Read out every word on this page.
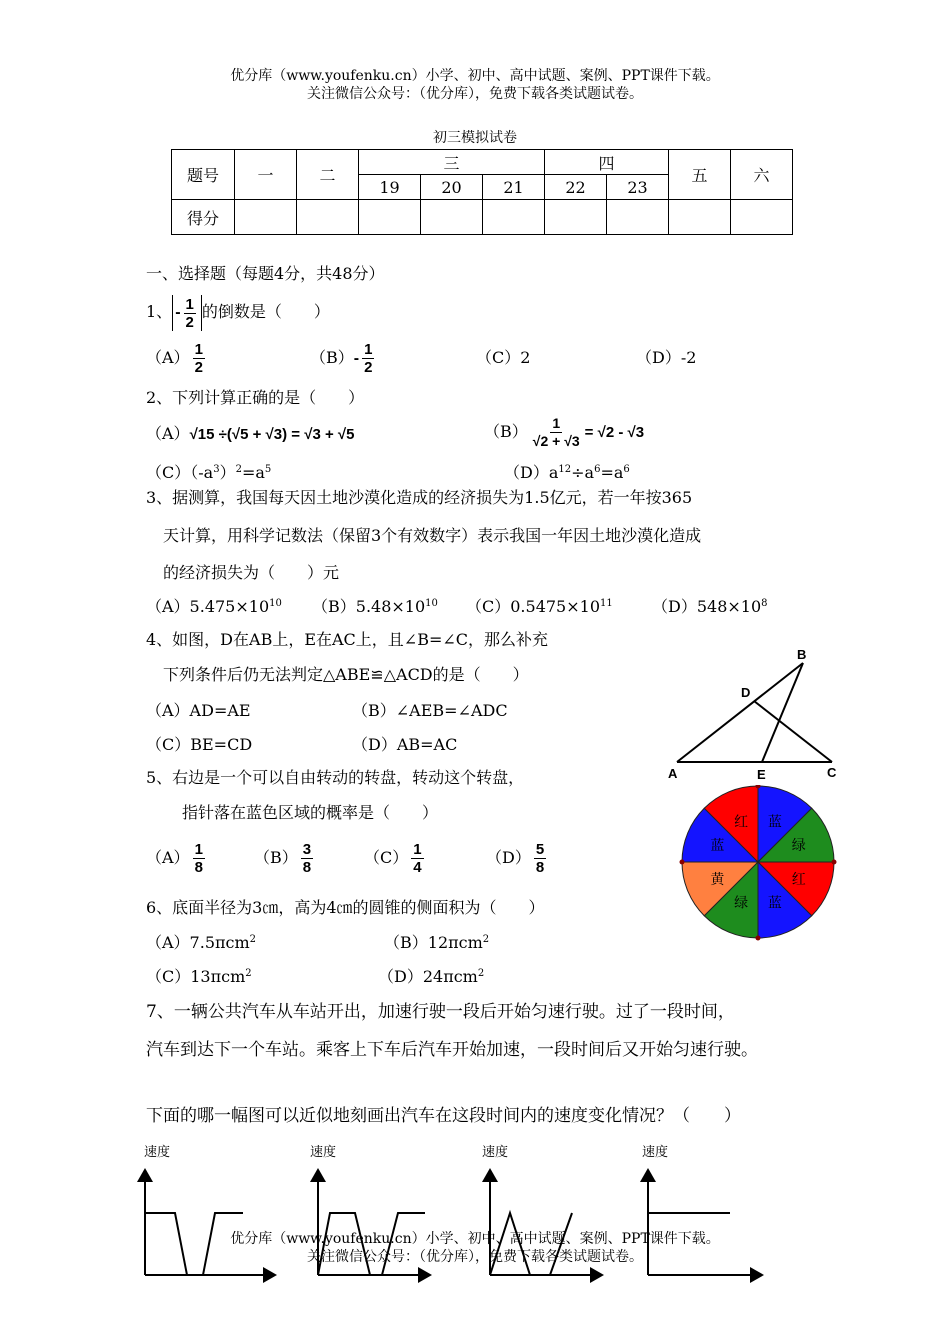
优分库（www.youfenku.cn）小学、初中、高中试题、案例、PPT课件下载。
关注微信公众号：（优分库），免费下载各类试题试卷。
初三模拟试卷
题号	一	二	三			四		五	六
			19	20	21	22	23		
得分									
一、选择题（每题4分，共48分）
1、 - $\frac{1}{2}$ 的倒数是（　　）
$(A) \frac{1}{2}$	$(B)- \frac{1}{2}$	（C）2	（D）-2
2、下列计算正确的是（　　）
（A）√15 ÷(√5 + √3) = √3 + √5	$(B) \frac{1}{√2 + √3} = √2 - √3$
$(C)(-a^3)^2=a^5$	$(D)a^{12}\div a^6=a^6$
3、据测算，我国每天因土地沙漠化造成的经济损失为1.5亿元，若一年按365
天计算，用科学记数法（保留3个有效数字）表示我国一年因土地沙漠化造成
的经济损失为（　　）元
$(A)5.475\times 10^{10}$ $(B)5.48\times 10^{10}$ $(C)0.5475\times 10^{11}$ $(D)548\times 10^8$
4、如图，D在AB上，E在AC上，且∠B=∠C，那么补充
下列条件后仍无法判定△ABE≌△ACD的是（　　）
（A）AD=AE	（B）∠AEB=∠ADC
（C）BE=CD	（D）AB=AC
B
D
A	E	C
5、右边是一个可以自由转动的转盘，转动这个转盘，
指针落在蓝色区域的概率是（　　）
$(A) \frac{1}{8}$	$(B) \frac{3}{8}$	$(C) \frac{1}{4}$	$(D) \frac{5}{8}$
蓝
绿
红
蓝
绿
黄
蓝
红
6、底面半径为3㎝，高为4㎝的圆锥的侧面积为（　　）
（A）7.5πcm$^2$	（B）12πcm$^2$
（C）13πcm$^2$	（D）24πcm$^2$
7、一辆公共汽车从车站开出，加速行驶一段后开始匀速行驶。过了一段时间，
汽车到达下一个车站。乘客上下车后汽车开始加速，一段时间后又开始匀速行驶。
下面的哪一幅图可以近似地刻画出汽车在这段时间内的速度变化情况？（　　）
速度	速度	速度	速度
优分库（www.youfenku.cn）小学、初中、高中试题、案例、PPT课件下载。
关注微信公众号：（优分库），免费下载各类试题试卷。
